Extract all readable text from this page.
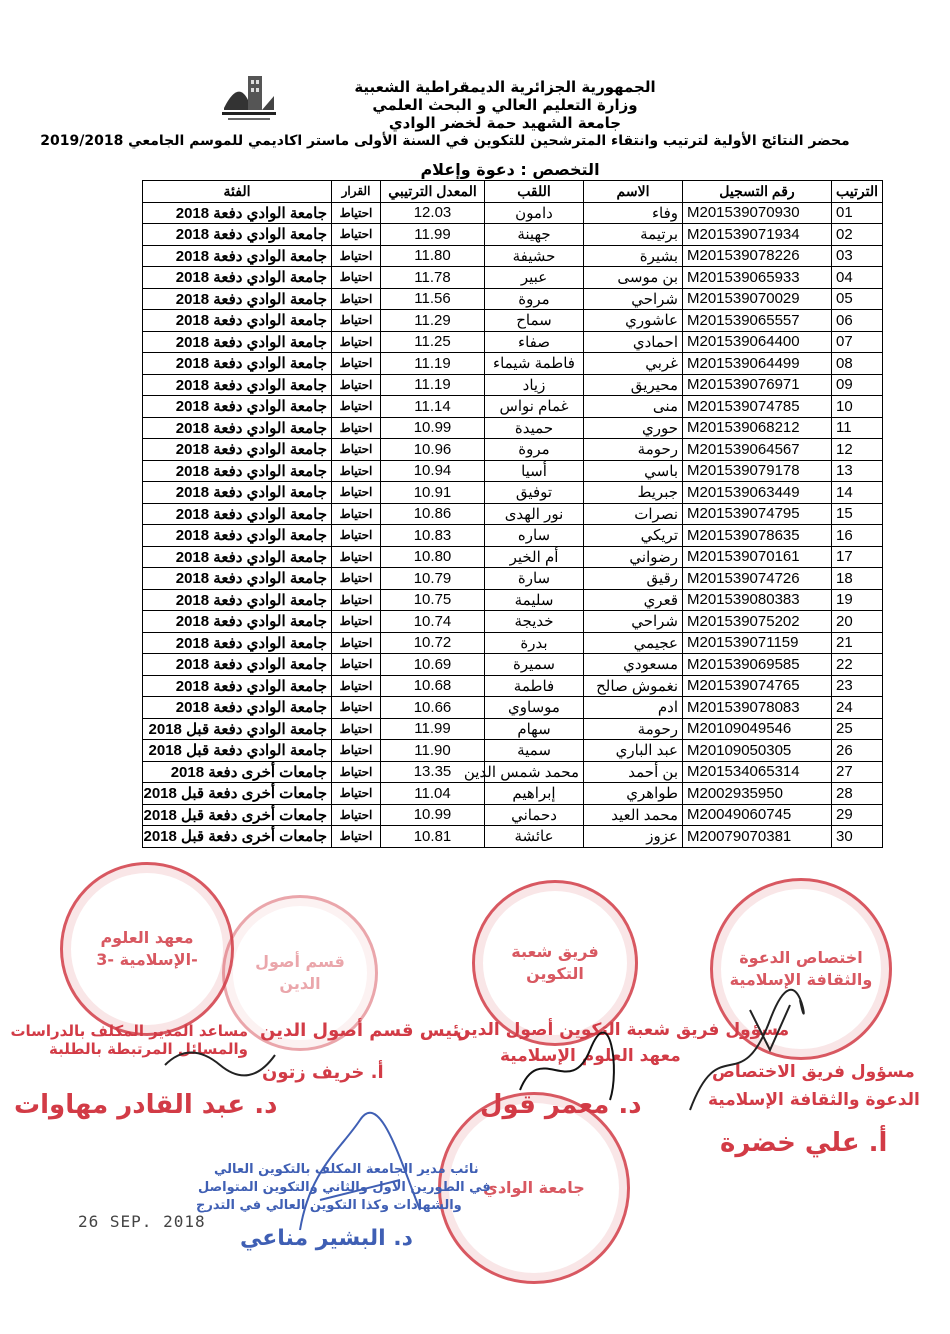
الجمهورية الجزائرية الديمقراطية الشعبية
وزارة التعليم العالي و البحث العلمي
جامعة الشهيد حمة لخضر الوادي
محضر النتائج الأولية لترتيب وانتقاء المترشحين للتكوين في السنة الأولى ماستر اكاديمي للموسم الجامعي 2019/2018
التخصص : دعوة وإعلام
الترتيب	رقم التسجيل	الاسم	اللقب	المعدل الترتيبي	القرار	الفئة
01	M201539070930	وفاء	دامون	12.03	احتياط	جامعة الوادي دفعة 2018
02	M201539071934	برتيمة	جهينة	11.99	احتياط	جامعة الوادي دفعة 2018
03	M201539078226	بشيرة	حشيفة	11.80	احتياط	جامعة الوادي دفعة 2018
04	M201539065933	بن موسى	عبير	11.78	احتياط	جامعة الوادي دفعة 2018
05	M201539070029	شراحي	مروة	11.56	احتياط	جامعة الوادي دفعة 2018
06	M201539065557	عاشوري	سماح	11.29	احتياط	جامعة الوادي دفعة 2018
07	M201539064400	احمادي	صفاء	11.25	احتياط	جامعة الوادي دفعة 2018
08	M201539064499	غربي	فاطمة شيماء	11.19	احتياط	جامعة الوادي دفعة 2018
09	M201539076971	محيريق	زياد	11.19	احتياط	جامعة الوادي دفعة 2018
10	M201539074785	منى	غمام نواس	11.14	احتياط	جامعة الوادي دفعة 2018
11	M201539068212	حوري	حميدة	10.99	احتياط	جامعة الوادي دفعة 2018
12	M201539064567	رحومة	مروة	10.96	احتياط	جامعة الوادي دفعة 2018
13	M201539079178	باسي	أسيا	10.94	احتياط	جامعة الوادي دفعة 2018
14	M201539063449	جبريط	توفيق	10.91	احتياط	جامعة الوادي دفعة 2018
15	M201539074795	نصرات	نور الهدى	10.86	احتياط	جامعة الوادي دفعة 2018
16	M201539078635	تريكي	ساره	10.83	احتياط	جامعة الوادي دفعة 2018
17	M201539070161	رضواني	أم الخير	10.80	احتياط	جامعة الوادي دفعة 2018
18	M201539074726	رقيق	سارة	10.79	احتياط	جامعة الوادي دفعة 2018
19	M201539080383	قعري	سليمة	10.75	احتياط	جامعة الوادي دفعة 2018
20	M201539075202	شراحي	خديجة	10.74	احتياط	جامعة الوادي دفعة 2018
21	M201539071159	عجيمي	بدرة	10.72	احتياط	جامعة الوادي دفعة 2018
22	M201539069585	مسعودي	سميرة	10.69	احتياط	جامعة الوادي دفعة 2018
23	M201539074765	نغموش صالح	فاطمة	10.68	احتياط	جامعة الوادي دفعة 2018
24	M201539078083	ادم	موساوي	10.66	احتياط	جامعة الوادي دفعة 2018
25	M20109049546	رحومة	سهام	11.99	احتياط	جامعة الوادي دفعة قبل 2018
26	M20109050305	عبد الباري	سمية	11.90	احتياط	جامعة الوادي دفعة قبل 2018
27	M201534065314	بن أحمد	محمد شمس الدين	13.35	احتياط	جامعات أخرى دفعة 2018
28	M2002935950	طواهري	إبراهيم	11.04	احتياط	جامعات أخرى دفعة قبل 2018
29	M20049060745	محمد العيد	دحماني	10.99	احتياط	جامعات أخرى دفعة قبل 2018
30	M20079070381	عزوز	عائشة	10.81	احتياط	جامعات أخرى دفعة قبل 2018
معهد العلوم الإسلامية -3-	قسم أصول الدين
فريق شعبة التكوين
اختصاص الدعوة والثقافة الإسلامية
جامعة الوادي
رئيس قسم أصول الدين
أ. خريف زتون
مساعد المدير المكلف بالدراسات والمسائل المرتبطة بالطلبة
د. عبد القادر مهاوات
مسؤول فريق شعبة التكوين أصول الدين
معهد العلوم الإسلامية
د. معمر قول
مسؤول فريق الاختصاص
الدعوة والثقافة الإسلامية
أ. علي خضرة
نائب مدير الجامعة المكلف بالتكوين العالي
في الطورين الاول والثاني والتكوين المتواصل
والشهادات وكذا التكوين العالي في التدرج
د. البشير مناعي
26 SEP. 2018
